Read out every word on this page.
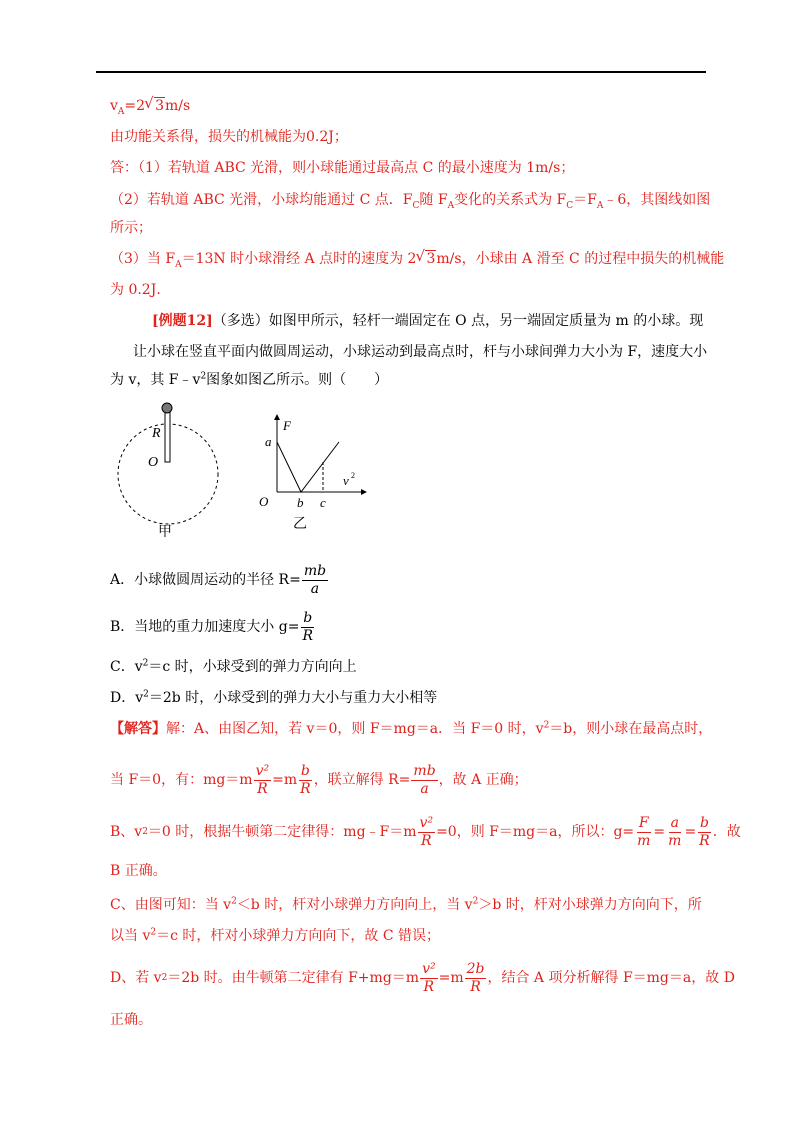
$v_A=2√$ 3m/s
由功能关系得，损失的机械能为0.2J；
答：（1）若轨道 ABC 光滑，则小球能通过最高点 C 的最小速度为 1m/s；
（2）若轨道 ABC 光滑，小球均能通过 C 点．$F_C$随 $F_A$变化的关系式为 $F_C=F_A﹣6$，其图线如图
所示；
（3）当 $F_A=13N$ 时小球滑经 A 点时的速度为 2√ 3m/s，小球由 A 滑至 C 的过程中损失的机械能
为 0.2J．
[例题12]（多选）如图甲所示，轻杆一端固定在 O 点，另一端固定质量为 m 的小球。现
让小球在竖直平面内做圆周运动，小球运动到最高点时，杆与小球间弹力大小为 F，速度大小
为 v，其 $F﹣v^2$图象如图乙所示。则（　　）
R
O
甲
F
a
O b c
v 2
乙
A．小球做圆周运动的半径 $R= \frac{mb}{a}$
B．当地的重力加速度大小 $g= \frac{b}{R}$
C．$v^2=c$ 时，小球受到的弹力方向向上
D．$v^2=2b$ 时，小球受到的弹力大小与重力大小相等
【解答】解：A、由图乙知，若 v＝0，则 F＝mg＝a．当 F＝0 时，$v^2=b$，则小球在最高点时，
当 F＝0，有：$mg=m \frac{\text{v²}}{R} =m \frac{b}{R}$ ，联立解得 $R= \frac{mb}{a}$ ，故 A 正确；
B、v 2 ＝0 时，根据牛顿第二定律得：mg﹣F＝m $\frac{\text{v²}}{R} =0$，则 F＝mg＝a，所以：$g= \frac{F}{m} = \frac{a}{m} = \frac{b}{R}$ ．故
B 正确。
C、由图可知：当 $v^2<b$ 时，杆对小球弹力方向向上，当 $v^2>b$ 时，杆对小球弹力方向向下，所
以当 $v^2=c$ 时，杆对小球弹力方向向下，故 C 错误；
D、若 v 2 ＝2b 时。由牛顿第二定律有 $F+mg=m \frac{\text{v²}}{R} =m \frac{2b}{R}$ ，结合 A 项分析解得 F＝mg＝a，故 D
正确。
